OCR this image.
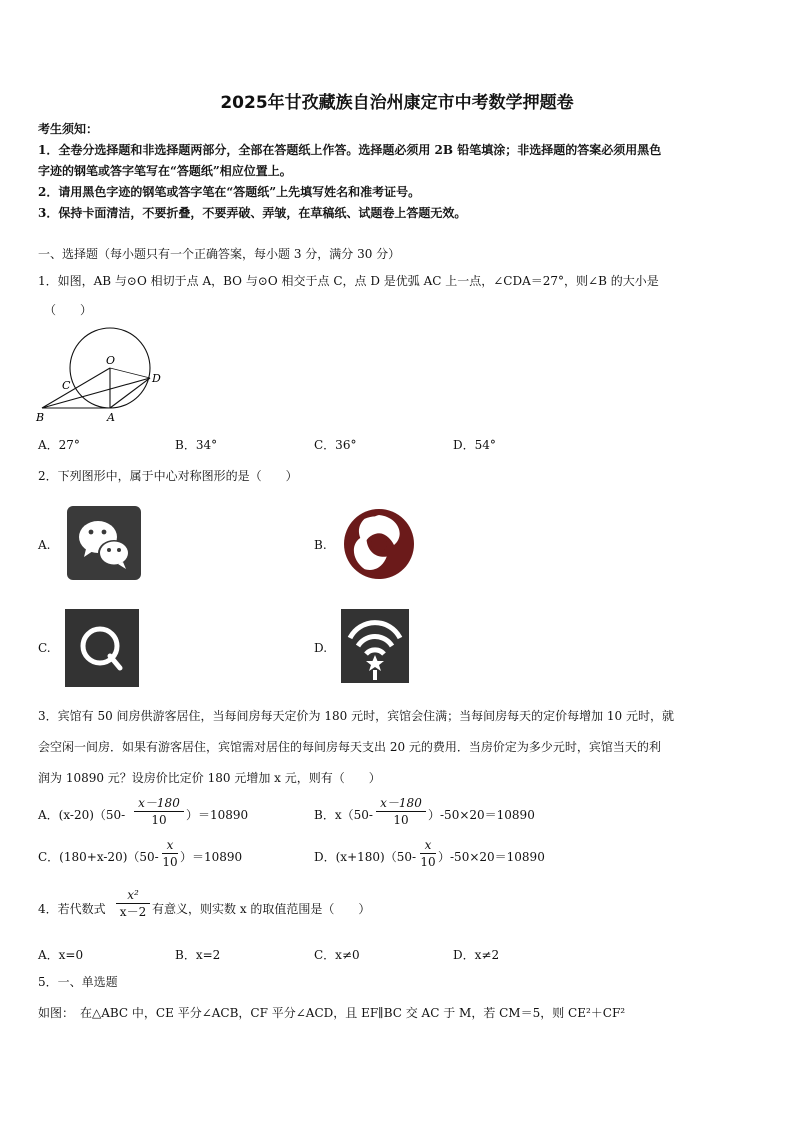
2025年甘孜藏族自治州康定市中考数学押题卷
考生须知：
1．全卷分选择题和非选择题两部分，全部在答题纸上作答。选择题必须用 2B 铅笔填涂；非选择题的答案必须用黑色
字迹的钢笔或答字笔写在“答题纸”相应位置上。
2．请用黑色字迹的钢笔或答字笔在“答题纸”上先填写姓名和准考证号。
3．保持卡面清洁，不要折叠，不要弄破、弄皱，在草稿纸、试题卷上答题无效。
一、选择题（每小题只有一个正确答案，每小题 3 分，满分 30 分）
1．如图，AB 与⊙O 相切于点 A，BO 与⊙O 相交于点 C，点 D 是优弧 AC 上一点，∠CDA＝27°，则∠B 的大小是
（　　）
O
C
D
B	A
A．27°	B．34°	C．36°	D．54°
2．下列图形中，属于中心对称图形的是（　　）
A.	B.
C.	D.
3．宾馆有 50 间房供游客居住，当每间房每天定价为 180 元时，宾馆会住满；当每间房每天的定价每增加 10 元时，就
会空闲一间房．如果有游客居住，宾馆需对居住的每间房每天支出 20 元的费用．当房价定为多少元时，宾馆当天的利
润为 10890 元？设房价比定价 180 元增加 x 元，则有（　　）
A．(x-20)（50-
x－180
10	）＝10890	B．x（50-
x－180
10	）-50×20＝10890
C．(180+x-20)（50-
x
10 ）＝10890	D．(x+180)（50-
x
10 ）-50×20＝10890
4．若代数式
x²
x－2 有意义，则实数 x 的取值范围是（　　）
A．x=0	B．x=2	C．x≠0	D．x≠2
5．一、单选题
如图：　在△ABC 中，CE 平分∠ACB，CF 平分∠ACD，且 EF∥BC 交 AC 于 M，若 CM＝5，则 CE²＋CF²
